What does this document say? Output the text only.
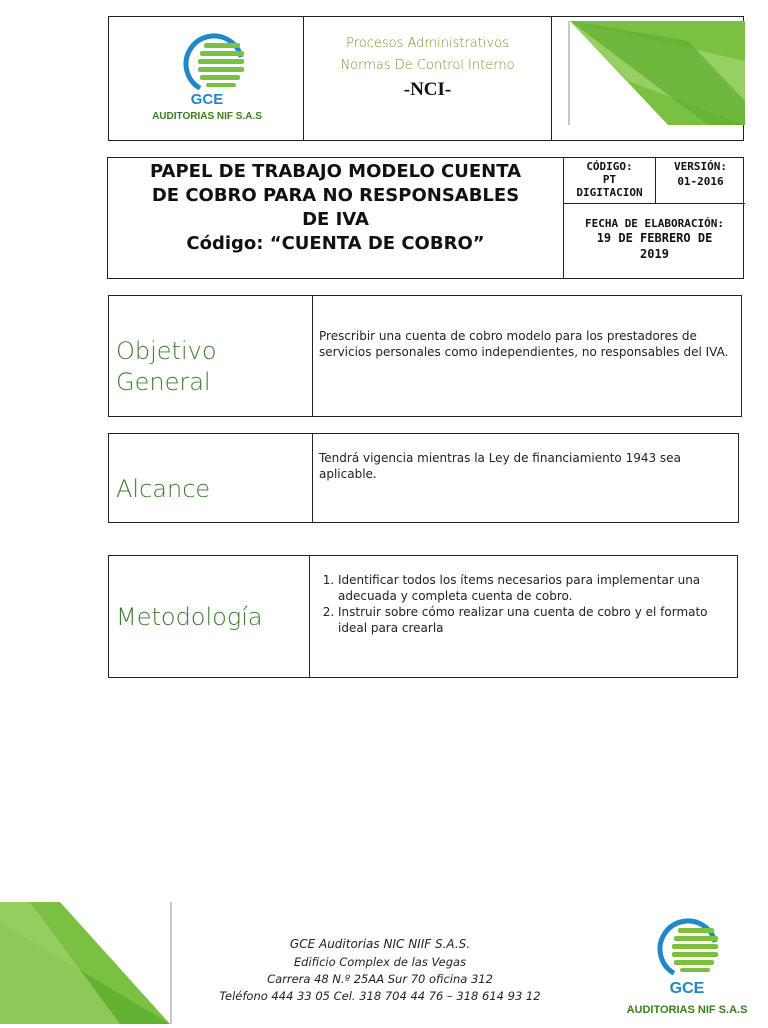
GCE
AUDITORIAS NIF S.A.S
Procesos Administrativos
Normas De Control Interno
-NCI-
PAPEL DE TRABAJO MODELO CUENTA
DE COBRO PARA NO RESPONSABLES
DE IVA
Código: “CUENTA DE COBRO”
CÓDIGO:
PT
DIGITACION
VERSIÓN:
01-2016
FECHA DE ELABORACIÓN:
19 DE FEBRERO DE
2019
Objetivo
General
Prescribir una cuenta de cobro modelo para los prestadores de servicios personales como independientes, no responsables del IVA.
Alcance
Tendrá vigencia mientras la Ley de financiamiento 1943 sea aplicable.
Metodología
1. Identificar todos los ítems necesarios para implementar una adecuada y completa cuenta de cobro.
2. Instruir sobre cómo realizar una cuenta de cobro y el formato ideal para crearla
GCE Auditorias NIC NIIF S.A.S.
Edificio Complex de las Vegas
Carrera 48 N.º 25AA Sur 70 oficina 312
Teléfono 444 33 05 Cel. 318 704 44 76 – 318 614 93 12	GCE
AUDITORIAS NIF S.A.S
